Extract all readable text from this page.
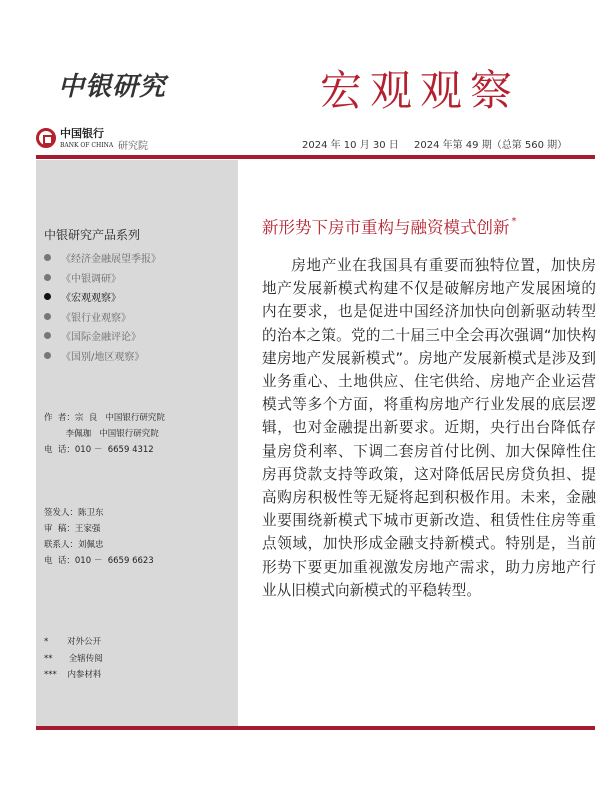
中银研究	宏观观察
中国银行
BANK OF CHINA 研究院	2024 年 10 月 30 日 2024 年第 49 期（总第 560 期）
中银研究产品系列
《经济金融展望季报》
《中银调研》
《宏观观察》
《银行业观察》
《国际金融评论》
《国别/地区观察》
作  者：宗  良   中国银行研究院
李佩珈   中国银行研究院
电  话：010 －  6659 4312
签发人：陈卫东
审  稿：王家强
联系人：刘佩忠
电  话：010 －  6659 6623
*       对外公开
**      全辖传阅
***    内参材料
新形势下房市重构与融资模式创新 *
房地产业在我国具有重要而独特位置，加快房地产发展新模式构建不仅是破解房地产发展困境的内在要求，也是促进中国经济加快向创新驱动转型的治本之策。党的二十届三中全会再次强调“加快构建房地产发展新模式”。房地产发展新模式是涉及到业务重心、土地供应、住宅供给、房地产企业运营模式等多个方面，将重构房地产行业发展的底层逻辑，也对金融提出新要求。近期，央行出台降低存量房贷利率、下调二套房首付比例、加大保障性住房再贷款支持等政策，这对降低居民房贷负担、提高购房积极性等无疑将起到积极作用。未来，金融业要围绕新模式下城市更新改造、租赁性住房等重点领域，加快形成金融支持新模式。特别是，当前形势下要更加重视激发房地产需求，助力房地产行业从旧模式向新模式的平稳转型。
